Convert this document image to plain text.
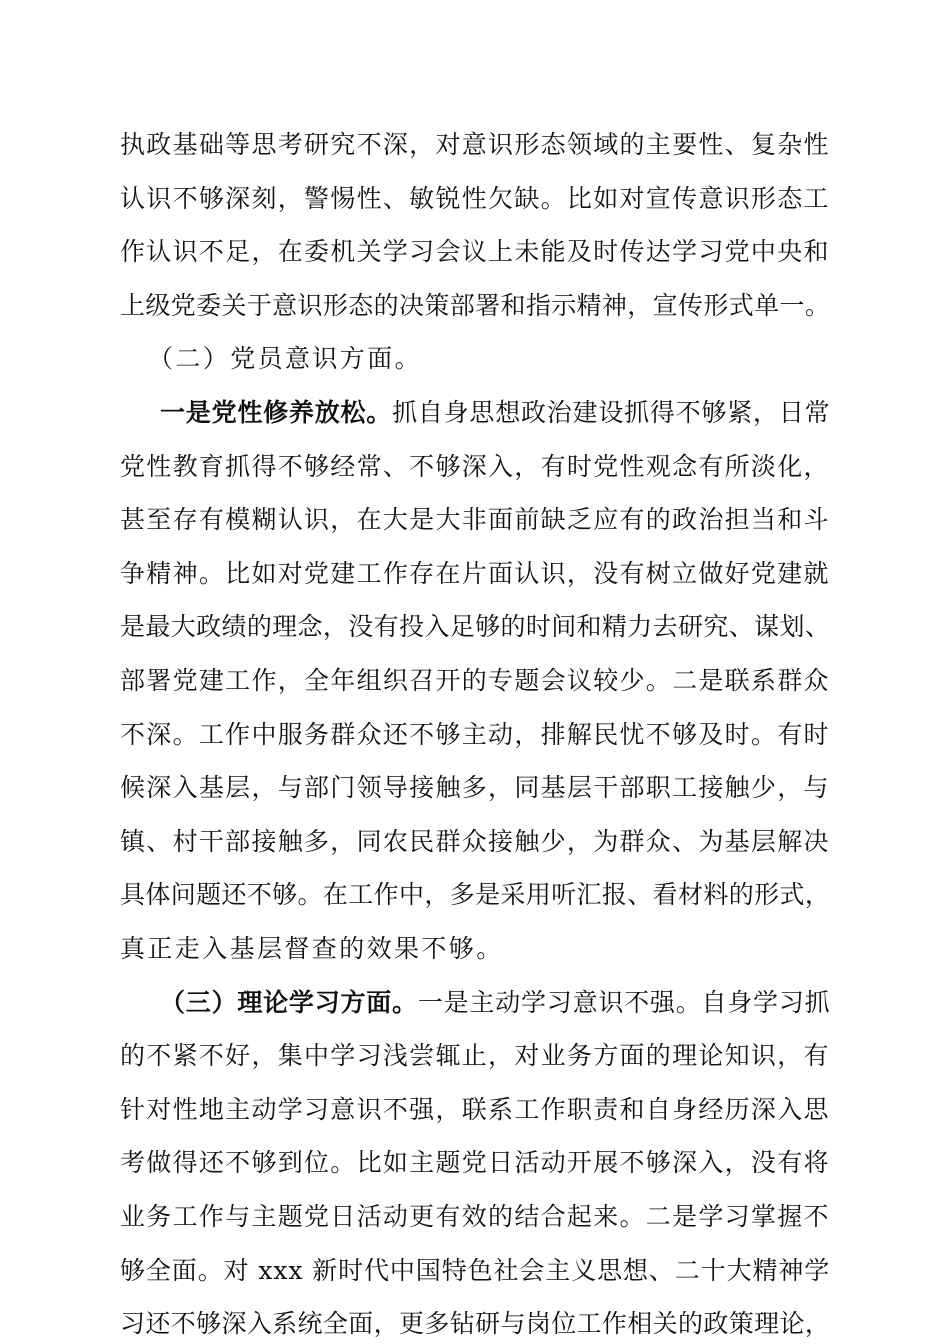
执政基础等思考研究不深，对意识形态领域的主要性、复杂性
认识不够深刻，警惕性、敏锐性欠缺。比如对宣传意识形态工
作认识不足，在委机关学习会议上未能及时传达学习党中央和
上级党委关于意识形态的决策部署和指示精神，宣传形式单一。
（二）党员意识方面。
一是党性修养放松。抓自身思想政治建设抓得不够紧，日常
党性教育抓得不够经常、不够深入，有时党性观念有所淡化，
甚至存有模糊认识，在大是大非面前缺乏应有的政治担当和斗
争精神。比如对党建工作存在片面认识，没有树立做好党建就
是最大政绩的理念，没有投入足够的时间和精力去研究、谋划、
部署党建工作，全年组织召开的专题会议较少。二是联系群众
不深。工作中服务群众还不够主动，排解民忧不够及时。有时
候深入基层，与部门领导接触多，同基层干部职工接触少，与
镇、村干部接触多，同农民群众接触少，为群众、为基层解决
具体问题还不够。在工作中，多是采用听汇报、看材料的形式，
真正走入基层督查的效果不够。
（三）理论学习方面。一是主动学习意识不强。自身学习抓
的不紧不好，集中学习浅尝辄止，对业务方面的理论知识，有
针对性地主动学习意识不强，联系工作职责和自身经历深入思
考做得还不够到位。比如主题党日活动开展不够深入，没有将
业务工作与主题党日活动更有效的结合起来。二是学习掌握不
够全面。对 xxx 新时代中国特色社会主义思想、二十大精神学
习还不够深入系统全面，更多钻研与岗位工作相关的政策理论，
